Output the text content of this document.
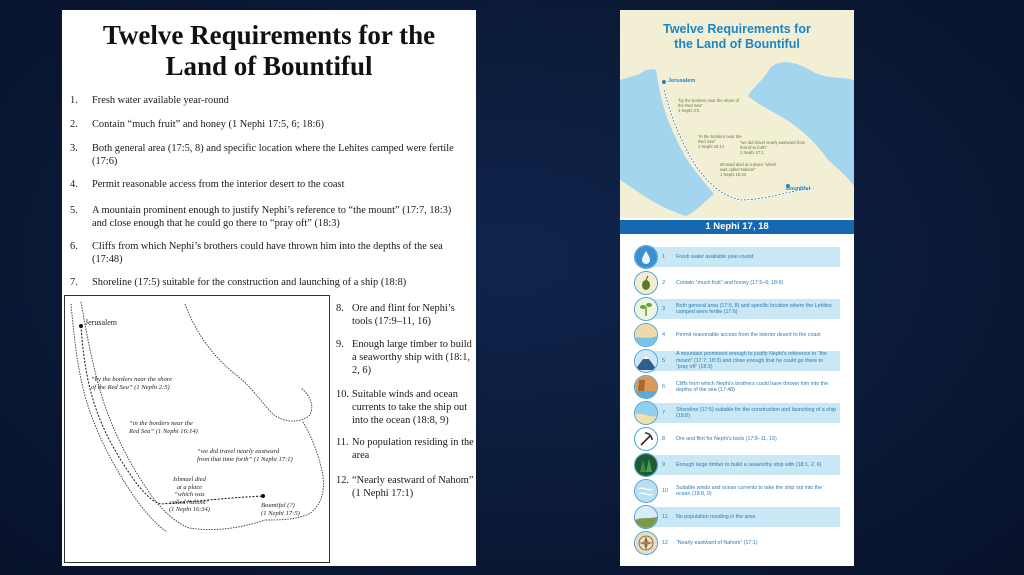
Twelve Requirements for the
Land of Bountiful
1.	Fresh water available year-round
2.	Contain “much fruit” and honey (1 Nephi 17:5, 6; 18:6)
3.	Both general area (17:5, 8) and specific location where the Lehites camped were fertile (17:6)
4.	Permit reasonable access from the interior desert to the coast
5.	A mountain prominent enough to justify Nephi’s reference to “the mount” (17:7, 18:3) and close enough that he could go there to “pray oft” (18:3)
6.	Cliffs from which Nephi’s brothers could have thrown him into the depths of the sea (17:48)
7.	Shoreline (17:5) suitable for the construction and launching of a ship (18:8)
Jerusalem
“by the borders near the shore
of the Red Sea” (1 Nephi 2:5)
“in the borders near the
Red Sea” (1 Nephi 16:14)
“we did travel nearly eastward
from that time forth” (1 Nephi 17:1)
Ishmael died
at a place
“which was
called Nahom”
(1 Nephi 16:34)
Bountiful (?)
(1 Nephi 17:5)
8. Ore and flint for Nephi’s tools (17:9–11, 16)
9. Enough large timber to build a seaworthy ship with (18:1, 2, 6)
10. Suitable winds and ocean currents to take the ship out into the ocean (18:8, 9)
11. No population residing in the area
12. “Nearly eastward of Nahom” (1 Nephi 17:1)
Twelve Requirements for
the Land of Bountiful
Jerusalem
“by the borders near the shore of the Red Sea”
1 Nephi 2:5
“in the borders near the Red Sea”
1 Nephi 16:14
“we did travel nearly eastward from that time forth”
1 Nephi 17:1
Ishmael died at a place “which was called Nahom”
1 Nephi 16:34
Bountiful
1 Nephi 17, 18
1	Fresh water available year-round
2	Contain “much fruit” and honey (17:5–6; 18:6)
3
Both general area (17:5, 8) and specific location where the Lehites camped were fertile (17:6)
4	Permit reasonable access from the interior desert to the coast
5
A mountain prominent enough to justify Nephi’s reference to “the mount” (17:7; 18:3) and close enough that he could go there to “pray oft” (18:3)
6
Cliffs from which Nephi’s brothers could have thrown him into the depths of the sea (17:48)
7
Shoreline (17:5) suitable for the construction and launching of a ship (18:8)
8	Ore and flint for Nephi’s tools (17:9–11, 16)
9	Enough large timber to build a seaworthy ship with (18:1, 2, 6)
10
Suitable winds and ocean currents to take the ship out into the ocean (18:8, 9)
11	No population residing in the area
12	“Nearly eastward of Nahom” (17:1)
